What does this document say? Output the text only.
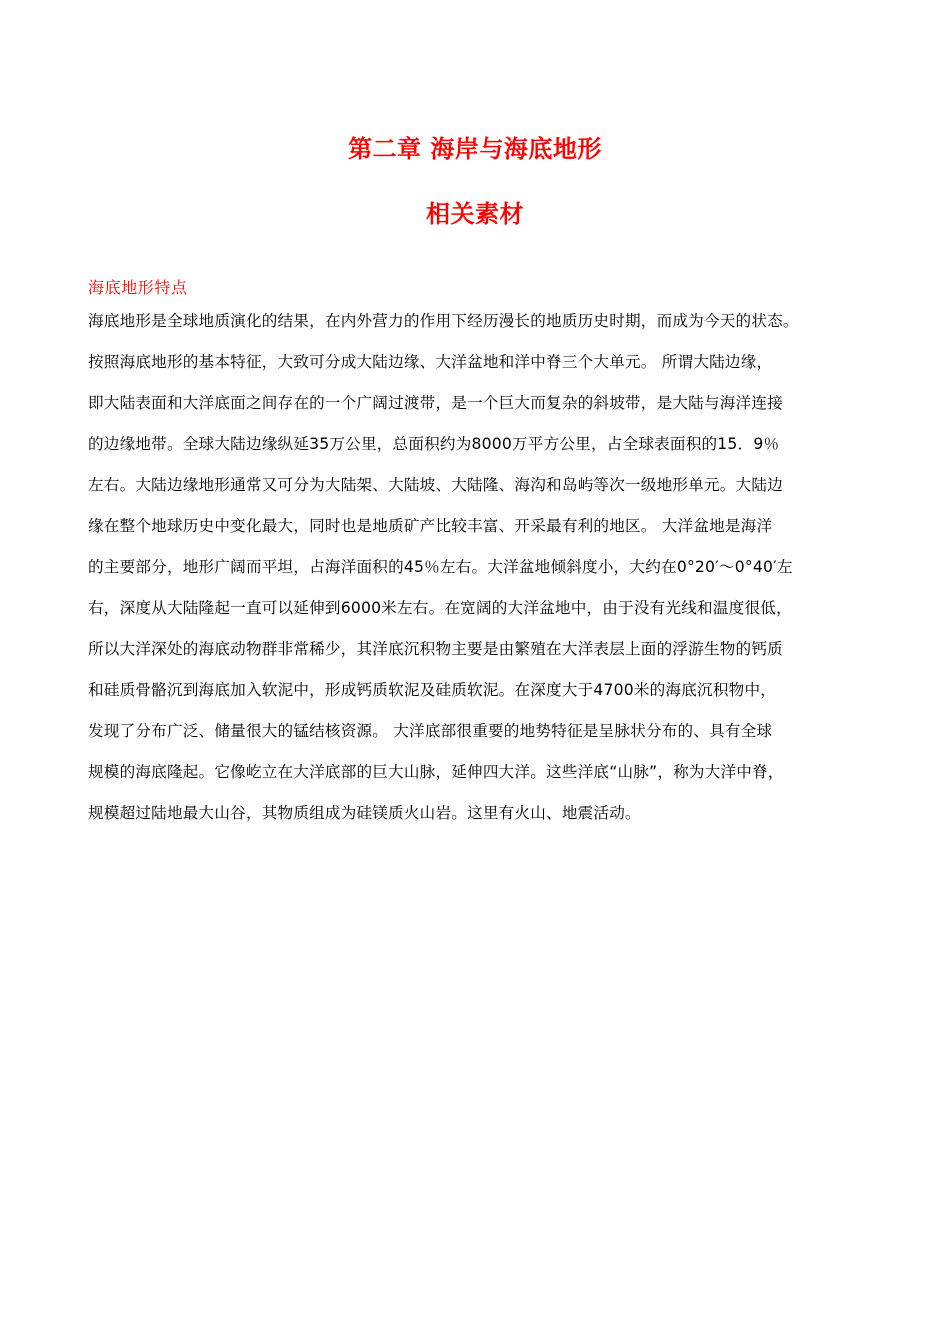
第二章 海岸与海底地形
相关素材
海底地形特点
海底地形是全球地质演化的结果，在内外营力的作用下经历漫长的地质历史时期，而成为今天的状态。
按照海底地形的基本特征，大致可分成大陆边缘、大洋盆地和洋中脊三个大单元。 所谓大陆边缘，
即大陆表面和大洋底面之间存在的一个广阔过渡带，是一个巨大而复杂的斜坡带，是大陆与海洋连接
的边缘地带。全球大陆边缘纵延35万公里，总面积约为8000万平方公里，占全球表面积的15．9％
左右。大陆边缘地形通常又可分为大陆架、大陆坡、大陆隆、海沟和岛屿等次一级地形单元。大陆边
缘在整个地球历史中变化最大，同时也是地质矿产比较丰富、开采最有利的地区。 大洋盆地是海洋
的主要部分，地形广阔而平坦，占海洋面积的45％左右。大洋盆地倾斜度小，大约在0°20′～0°40′左
右，深度从大陆隆起一直可以延伸到6000米左右。在宽阔的大洋盆地中，由于没有光线和温度很低，
所以大洋深处的海底动物群非常稀少，其洋底沉积物主要是由繁殖在大洋表层上面的浮游生物的钙质
和硅质骨骼沉到海底加入软泥中，形成钙质软泥及硅质软泥。在深度大于4700米的海底沉积物中，
发现了分布广泛、储量很大的锰结核资源。 大洋底部很重要的地势特征是呈脉状分布的、具有全球
规模的海底隆起。它像屹立在大洋底部的巨大山脉，延伸四大洋。这些洋底“山脉”，称为大洋中脊，
规模超过陆地最大山谷，其物质组成为硅镁质火山岩。这里有火山、地震活动。
